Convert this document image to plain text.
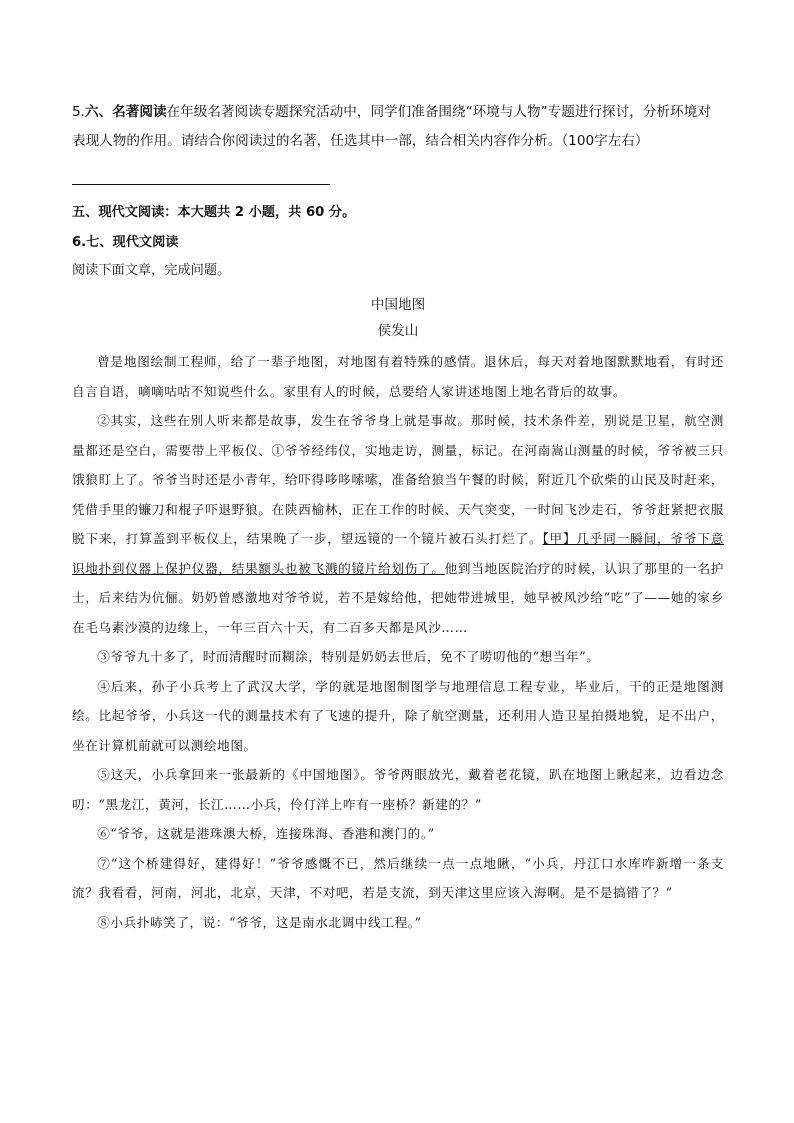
5.六、名著阅读在年级名著阅读专题探究活动中，同学们准备围绕“环境与人物”专题进行探讨，分析环境对表现人物的作用。请结合你阅读过的名著，任选其中一部，结合相关内容作分析。（100字左右）

五、现代文阅读：本大题共 2 小题，共 60 分。

6.七、现代文阅读

阅读下面文章，完成问题。

中国地图

侯发山

曾是地图绘制工程师，给了一辈子地图，对地图有着特殊的感情。退休后，每天对着地图默默地看，有时还自言自语，嘀嘀咕咕不知说些什么。家里有人的时候，总要给人家讲述地图上地名背后的故事。

②其实，这些在别人听来都是故事，发生在爷爷身上就是事故。那时候，技术条件差，别说是卫星，航空测量都还是空白，需要带上平板仪、①爷爷经纬仪，实地走访，测量，标记。在河南嵩山测量的时候，爷爷被三只饿狼盯上了。爷爷当时还是小青年，给吓得哆哆嗦嗦，准备给狼当午餐的时候，附近几个砍柴的山民及时赶来，凭借手里的镰刀和棍子吓退野狼。在陕西榆林，正在工作的时候、天气突变，一时间飞沙走石，爷爷赶紧把衣服脱下来，打算盖到平板仪上，结果晚了一步，望远镜的一个镜片被石头打烂了。【甲】几乎同一瞬间，爷爷下意识地扑到仪器上保护仪器，结果额头也被飞溅的镜片给划伤了。他到当地医院治疗的时候，认识了那里的一名护士，后来结为伉俪。奶奶曾感激地对爷爷说，若不是嫁给他，把她带进城里，她早被风沙给“吃”了——她的家乡在毛乌素沙漠的边缘上，一年三百六十天，有二百多天都是风沙……

③爷爷九十多了，时而清醒时而糊涂，特别是奶奶去世后，免不了唠叨他的“想当年”。

④后来，孙子小兵考上了武汉大学，学的就是地图制图学与地理信息工程专业，毕业后，干的正是地图测绘。比起爷爷，小兵这一代的测量技术有了飞速的提升，除了航空测量，还利用人造卫星拍摄地貌，足不出户，坐在计算机前就可以测绘地图。

⑤这天，小兵拿回来一张最新的《中国地图》。爷爷两眼放光，戴着老花镜，趴在地图上瞅起来，边看边念叨：“黑龙江，黄河，长江……小兵，伶仃洋上咋有一座桥？新建的？”

⑥“爷爷，这就是港珠澳大桥，连接珠海、香港和澳门的。”

⑦“这个桥建得好，建得好！”爷爷感慨不已，然后继续一点一点地瞅，“小兵，丹江口水库咋新增一条支流？我看看，河南，河北，北京，天津，不对吧，若是支流，到天津这里应该入海啊。是不是搞错了？”

⑧小兵扑哧笑了，说：“爷爷，这是南水北调中线工程。”
